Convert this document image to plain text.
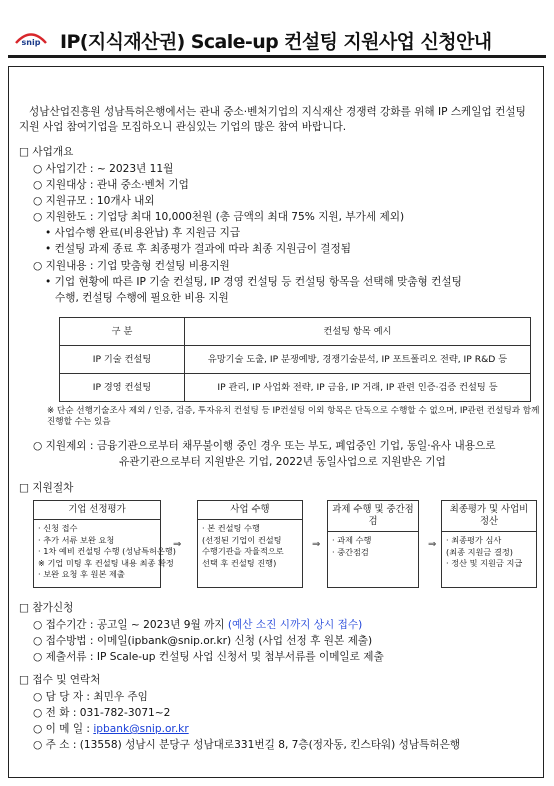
snip IP(지식재산권) Scale-up 컨설팅 지원사업 신청안내
성남산업진흥원 성남특허은행에서는 관내 중소·벤처기업의 지식재산 경쟁력 강화를 위해 IP 스케일업 컨설팅 지원 사업 참여기업을 모집하오니 관심있는 기업의 많은 참여 바랍니다.
□ 사업개요
○ 사업기간 : ~ 2023년 11월
○ 지원대상 : 관내 중소·벤처 기업
○ 지원규모 : 10개사 내외
○ 지원한도 : 기업당 최대 10,000천원 (총 금액의 최대 75% 지원, 부가세 제외)
• 사업수행 완료(비용완납) 후 지원금 지급
• 컨설팅 과제 종료 후 최종평가 결과에 따라 최종 지원금이 결정됨
○ 지원내용 : 기업 맞춤형 컨설팅 비용지원
• 기업 현황에 따른 IP 기술 컨설팅, IP 경영 컨설팅 등 컨설팅 항목을 선택해 맞춤형 컨설팅
수행, 컨설팅 수행에 필요한 비용 지원
구 분	컨설팅 항목 예시
IP 기술 컨설팅	유망기술 도출, IP 분쟁예방, 경쟁기술분석, IP 포트폴리오 전략, IP R&D 등
IP 경영 컨설팅	IP 관리, IP 사업화 전략, IP 금융, IP 거래, IP 관련 인증·검증 컨설팅 등
※ 단순 선행기술조사 제외 / 인증, 검증, 투자유치 컨설팅 등 IP컨설팅 이외 항목은 단독으로 수행할 수 없으며, IP관련 컨설팅과 함께 진행할 수는 있음
○ 지원제외 : 금융기관으로부터 채무불이행 중인 경우 또는 부도, 폐업중인 기업, 동일·유사 내용으로
유관기관으로부터 지원받은 기업, 2022년 동일사업으로 지원받은 기업
□ 지원절차
기업 선정평가
· 신청 접수
· 추가 서류 보완 요청
· 1차 예비 컨설팅 수행 (성남특허은행)
※ 기업 미팅 후 컨설팅 내용 최종 확정
· 보완 요청 후 원본 제출
⇒
사업 수행
· 본 컨설팅 수행
(선정된 기업이 컨설팅
수행기관을 자율적으로
선택 후 컨설팅 진행)
⇒
과제 수행 및 중간점검
· 과제 수행
· 중간점검
⇒
최종평가 및 사업비 정산
· 최종평가 심사
(최종 지원금 결정)
· 정산 및 지원금 지급
□ 참가신청
○ 접수기간 : 공고일 ~ 2023년 9월 까지 (예산 소진 시까지 상시 접수)
○ 접수방법 : 이메일(ipbank@snip.or.kr) 신청 (사업 선정 후 원본 제출)
○ 제출서류 : IP Scale-up 컨설팅 사업 신청서 및 첨부서류를 이메일로 제출
□ 접수 및 연락처
○ 담 당 자 : 최민우 주임
○ 전 화 : 031-782-3071~2
○ 이 메 일 : ipbank@snip.or.kr
○ 주 소 : (13558) 성남시 분당구 성남대로331번길 8, 7층(정자동, 킨스타워) 성남특허은행
